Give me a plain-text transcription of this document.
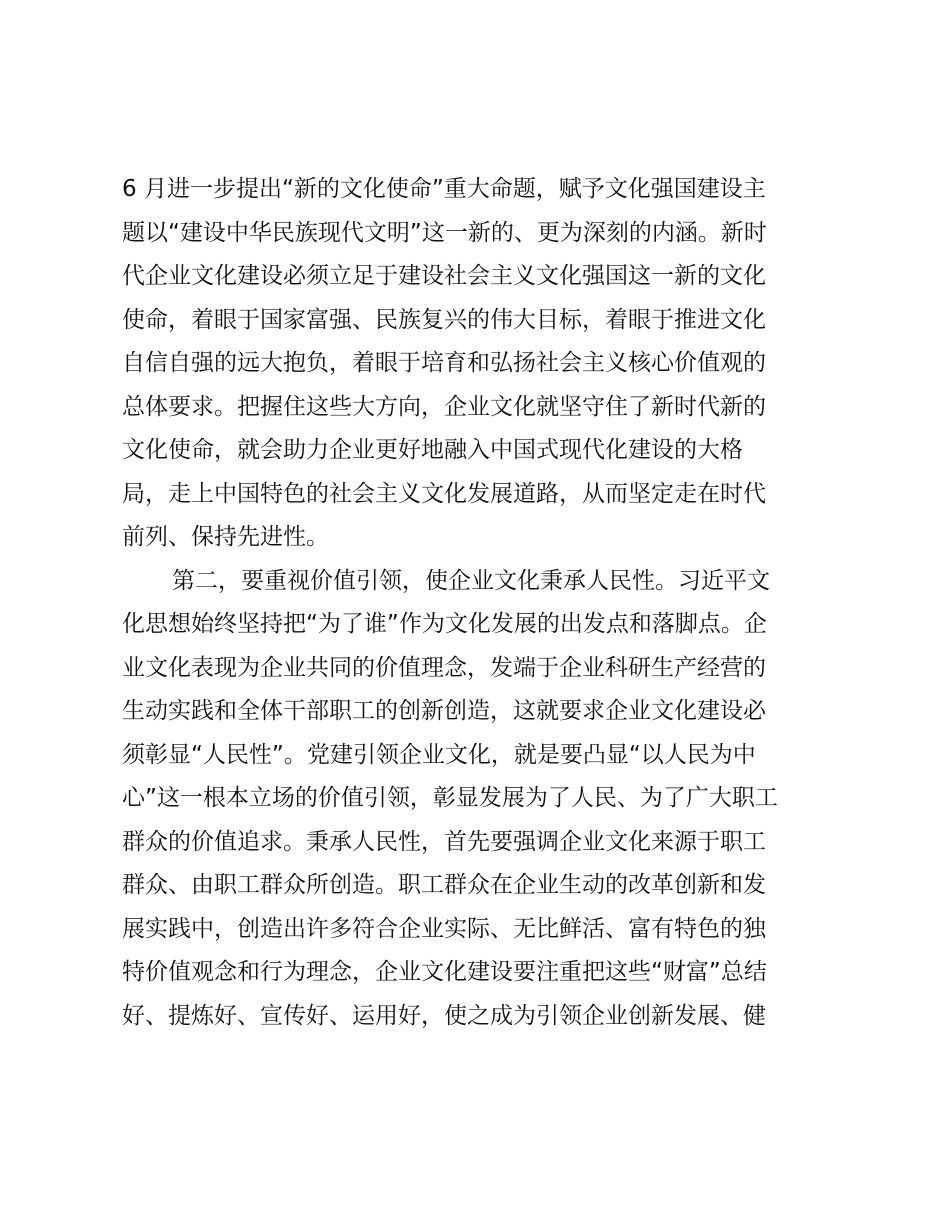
6 月进一步提出“新的文化使命”重大命题，赋予文化强国建设主
题以“建设中华民族现代文明”这一新的、更为深刻的内涵。新时
代企业文化建设必须立足于建设社会主义文化强国这一新的文化
使命，着眼于国家富强、民族复兴的伟大目标，着眼于推进文化
自信自强的远大抱负，着眼于培育和弘扬社会主义核心价值观的
总体要求。把握住这些大方向，企业文化就坚守住了新时代新的
文化使命，就会助力企业更好地融入中国式现代化建设的大格
局，走上中国特色的社会主义文化发展道路，从而坚定走在时代
前列、保持先进性。
第二，要重视价值引领，使企业文化秉承人民性。习近平文
化思想始终坚持把“为了谁”作为文化发展的出发点和落脚点。企
业文化表现为企业共同的价值理念，发端于企业科研生产经营的
生动实践和全体干部职工的创新创造，这就要求企业文化建设必
须彰显“人民性”。党建引领企业文化，就是要凸显“以人民为中
心”这一根本立场的价值引领，彰显发展为了人民、为了广大职工
群众的价值追求。秉承人民性，首先要强调企业文化来源于职工
群众、由职工群众所创造。职工群众在企业生动的改革创新和发
展实践中，创造出许多符合企业实际、无比鲜活、富有特色的独
特价值观念和行为理念，企业文化建设要注重把这些“财富”总结
好、提炼好、宣传好、运用好，使之成为引领企业创新发展、健
